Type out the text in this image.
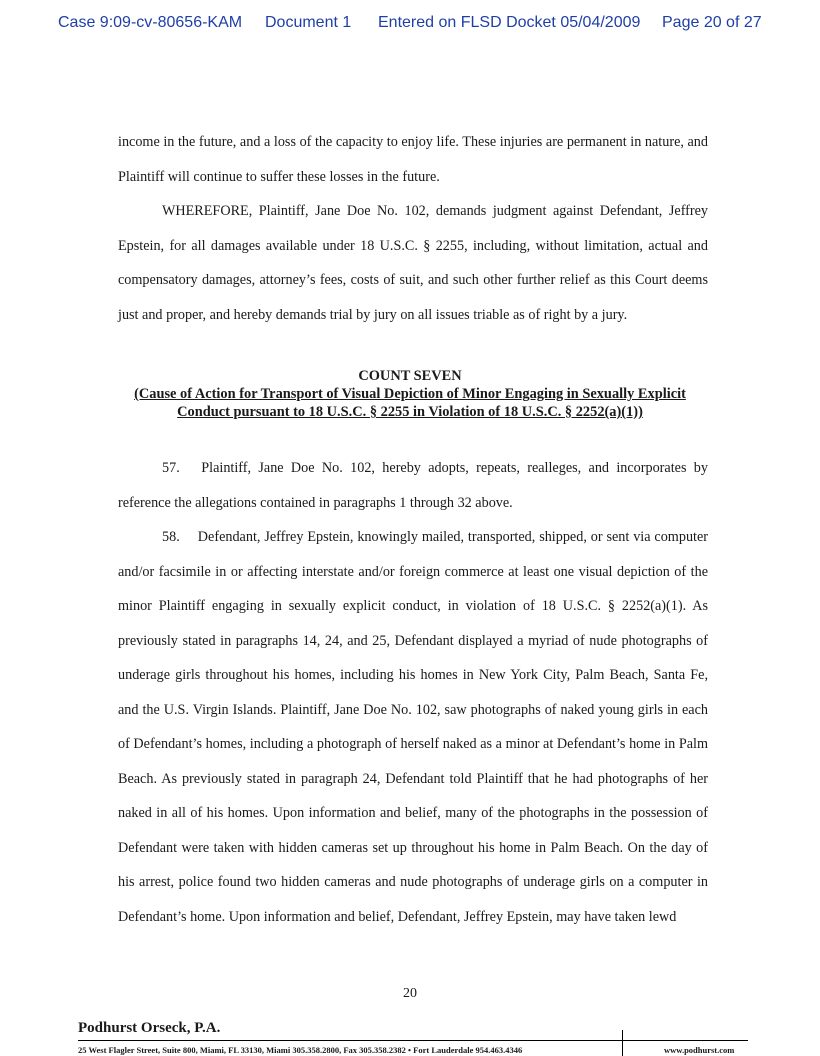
Case 9:09-cv-80656-KAM Document 1 Entered on FLSD Docket 05/04/2009 Page 20 of 27

income in the future, and a loss of the capacity to enjoy life. These injuries are permanent in nature, and Plaintiff will continue to suffer these losses in the future.

WHEREFORE, Plaintiff, Jane Doe No. 102, demands judgment against Defendant, Jeffrey Epstein, for all damages available under 18 U.S.C. § 2255, including, without limitation, actual and compensatory damages, attorney’s fees, costs of suit, and such other further relief as this Court deems just and proper, and hereby demands trial by jury on all issues triable as of right by a jury.

COUNT SEVEN
(Cause of Action for Transport of Visual Depiction of Minor Engaging in Sexually Explicit
Conduct pursuant to 18 U.S.C. § 2255 in Violation of 18 U.S.C. § 2252(a)(1))

57.  Plaintiff, Jane Doe No. 102, hereby adopts, repeats, realleges, and incorporates by reference the allegations contained in paragraphs 1 through 32 above.

58.  Defendant, Jeffrey Epstein, knowingly mailed, transported, shipped, or sent via computer and/or facsimile in or affecting interstate and/or foreign commerce at least one visual depiction of the minor Plaintiff engaging in sexually explicit conduct, in violation of 18 U.S.C. § 2252(a)(1). As previously stated in paragraphs 14, 24, and 25, Defendant displayed a myriad of nude photographs of underage girls throughout his homes, including his homes in New York City, Palm Beach, Santa Fe, and the U.S. Virgin Islands. Plaintiff, Jane Doe No. 102, saw photographs of naked young girls in each of Defendant’s homes, including a photograph of herself naked as a minor at Defendant’s home in Palm Beach. As previously stated in paragraph 24, Defendant told Plaintiff that he had photographs of her naked in all of his homes. Upon information and belief, many of the photographs in the possession of Defendant were taken with hidden cameras set up throughout his home in Palm Beach. On the day of his arrest, police found two hidden cameras and nude photographs of underage girls on a computer in Defendant’s home. Upon information and belief, Defendant, Jeffrey Epstein, may have taken lewd

20
Podhurst Orseck, P.A.
25 West Flagler Street, Suite 800, Miami, FL 33130, Miami 305.358.2800, Fax 305.358.2382 • Fort Lauderdale 954.463.4346	www.podhurst.com
